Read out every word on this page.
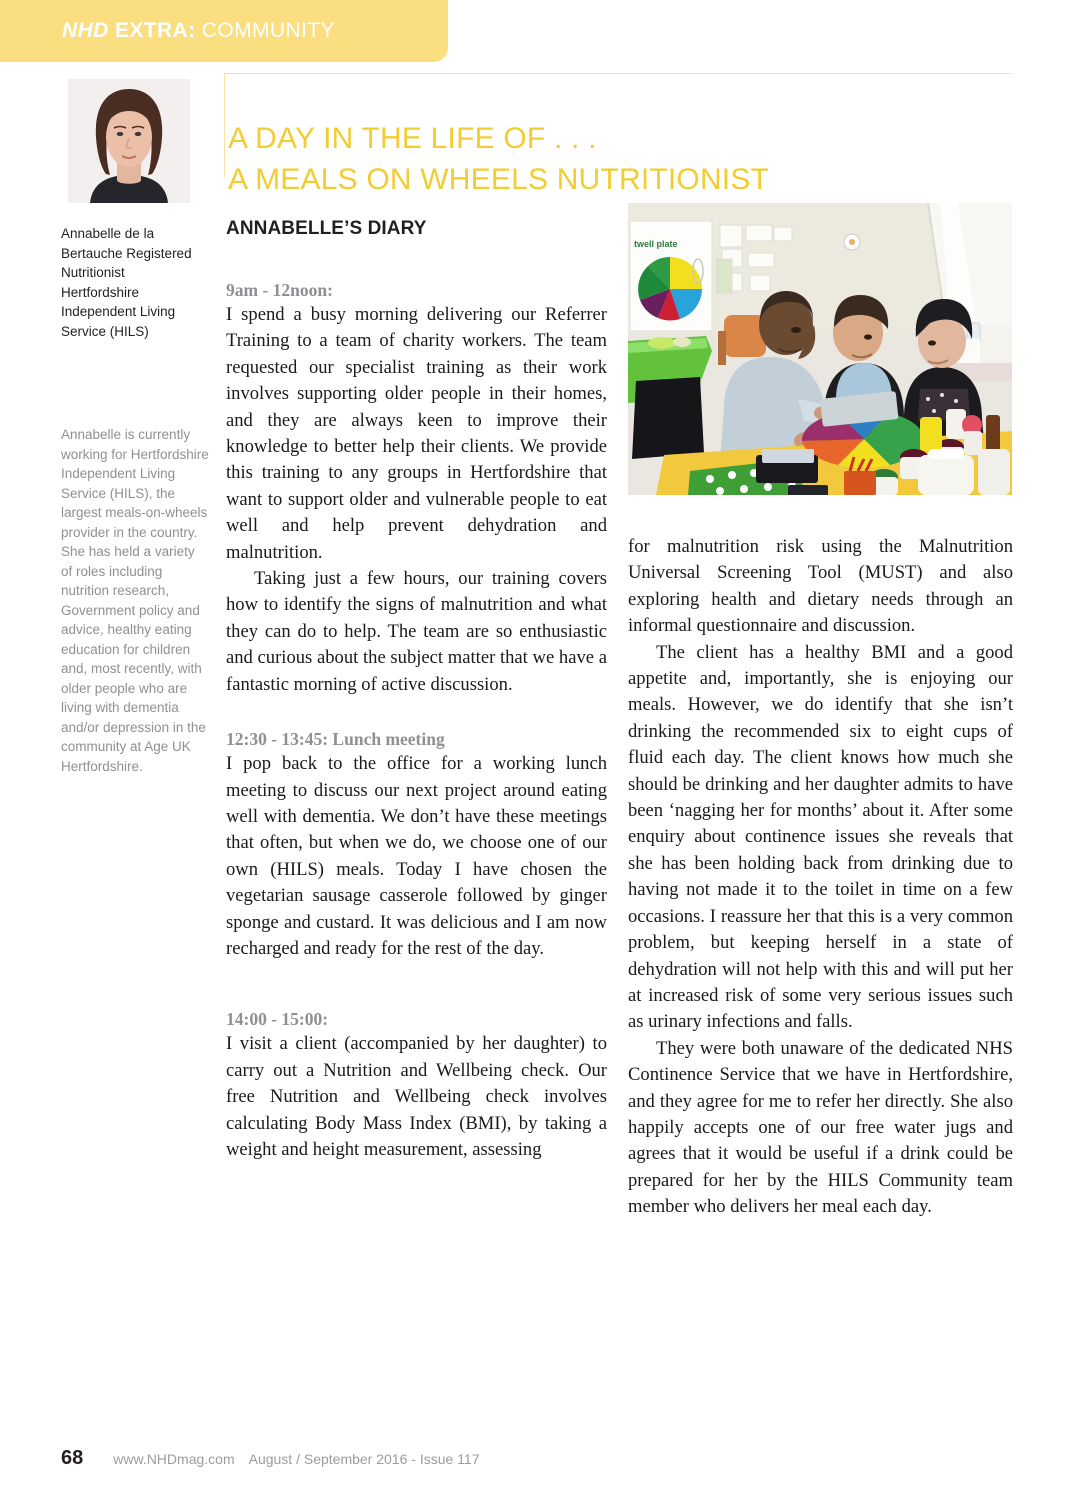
NHD EXTRA: COMMUNITY
Annabelle de la Bertauche Registered Nutritionist Hertfordshire Independent Living Service (HILS)
Annabelle is currently working for Hertfordshire Independent Living Service (HILS), the largest meals-on-wheels provider in the country. She has held a variety of roles including nutrition research, Government policy and advice, healthy eating education for children and, most recently, with older people who are living with dementia and/or depression in the community at Age UK Hertfordshire.
A DAY IN THE LIFE OF . . .
A MEALS ON WHEELS NUTRITIONIST
twell plate
ANNABELLE’S DIARY
9am - 12noon:

I spend a busy morning delivering our Referrer Training to a team of charity workers. The team requested our specialist training as their work involves supporting older people in their homes, and they are always keen to improve their knowledge to better help their clients. We provide this training to any groups in Hertfordshire that want to support older and vulnerable people to eat well and help prevent dehydration and malnutrition.

Taking just a few hours, our training covers how to identify the signs of malnutrition and what they can do to help. The team are so enthusiastic and curious about the subject matter that we have a fantastic morning of active discussion.

12:30 - 13:45: Lunch meeting

I pop back to the office for a working lunch meeting to discuss our next project around eating well with dementia. We don’t have these meetings that often, but when we do, we choose one of our own (HILS) meals. Today I have chosen the vegetarian sausage casserole followed by ginger sponge and custard. It was delicious and I am now recharged and ready for the rest of the day.

14:00 - 15:00:

I visit a client (accompanied by her daughter) to carry out a Nutrition and Wellbeing check. Our free Nutrition and Wellbeing check involves calculating Body Mass Index (BMI), by taking a weight and height measurement, assessing

for malnutrition risk using the Malnutrition Universal Screening Tool (MUST) and also exploring health and dietary needs through an informal questionnaire and discussion.

The client has a healthy BMI and a good appetite and, importantly, she is enjoying our meals. However, we do identify that she isn’t drinking the recommended six to eight cups of fluid each day. The client knows how much she should be drinking and her daughter admits to have been ‘nagging her for months’ about it. After some enquiry about continence issues she reveals that she has been holding back from drinking due to having not made it to the toilet in time on a few occasions. I reassure her that this is a very common problem, but keeping herself in a state of dehydration will not help with this and will put her at increased risk of some very serious issues such as urinary infections and falls.

They were both unaware of the dedicated NHS Continence Service that we have in Hertfordshire, and they agree for me to refer her directly. She also happily accepts one of our free water jugs and agrees that it would be useful if a drink could be prepared for her by the HILS Community team member who delivers her meal each day.

68 www.NHDmag.com August / September 2016 - Issue 117
